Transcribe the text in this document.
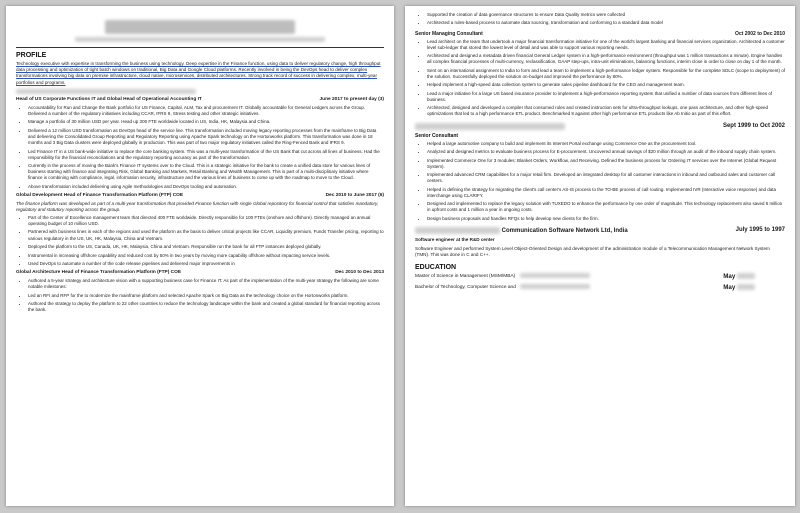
PROFILE
Technology executive with expertise in transforming the business using technology. Deep expertise in the Finance function, using data to deliver regulatory change, high throughput data processing and optimization of tight batch windows on traditional, Big Data and Google Cloud platforms. Recently involved in being the DevOps head to deliver complex transformations involving big data on premise infrastructure, cloud native, microservices, distributed architectures. Strong track record of success in delivering complex, multi-year portfolios and programs.
Head of US Corporate Functions IT and Global Head of Operational Accounting IT	June 2017 to present day (3)
• Accountability for Run and Change the Bank portfolio for US Finance, Capital, ALM, Tax and procurement IT. Globally accountable for General Ledgers across the Group. Delivered a number of the regulatory initiatives including CCAR, IFRS 9, Stress testing and other strategic initiatives.
• Manage a portfolio of 30 million USD per year. Head up 300 FTE worldwide located in US, India, HK, Malaysia and China.
• Delivered a 12 million USD transformation as DevOps head of the service line. This transformation included moving legacy reporting processes from the mainframe to Big Data and delivering the Consolidated Group Reporting and Regulatory Reporting using Apache Spark technology on the Hortonworks platform. This transformation was done in 18 months and 3 Big Data clusters were deployed globally in production. This was part of two major regulatory initiatives called the Ring-Fenced Bank and IFRS 9.
• Led Finance IT in a US bank-wide initiative to replace the core banking system. This was a multi-year transformation of the US Bank that cut across all lines of business. Had the responsibility for the financial reconciliations and the regulatory reporting accuracy as part of the transformation.
• Currently in the process of moving the Bank's Finance IT systems over to the Cloud. This is a strategic initiative for the bank to create a unified data store for various lines of business starting with finance and integrating Risk, Global Banking and Markets, Retail Banking and Wealth Management. This is part of a multi-disciplinary initiative where finance is combining with compliance, legal, information security, infrastructure and the various lines of business to come up with the roadmap to move to the Cloud.
• Above transformation included delivering using Agile methodologies and DevOps tooling and automation.
Global Development Head of Finance Transformation Platform (FTP) COE	Dec 2010 to June 2017 (6)
The finance platform was developed as part of a multi-year transformation that provided Finance function with single Global repository for financial control that satisfies mandatory, regulatory and statutory reporting across the group.
• Part of the Center of Excellence management team that directed 400 FTE worldwide. Directly responsible for 100 FTEs (onshore and offshore). Directly managed an annual operating budget of 10 million USD.
• Partnered with business lines in each of the regions and used the platform as the basis to deliver critical projects like CCAR, Liquidity premium, Funds Transfer pricing, reporting to various regulatory in the US, UK, HK, Malaysia, China and Vietnam.
• Deployed the platform to the US, Canada, UK, HK, Malaysia, China and Vietnam. Responsible run the bank for all FTP instances deployed globally.
• Instrumental in increasing offshore capability and reduced cost by 50% in two years by moving more capability offshore without impacting service levels.
• Used DevOps to automate a number of the code release pipelines and delivered major improvements in
Global Architecture Head of Finance Transformation Platform (FTP) COE	Dec 2010 to Dec 2013
• Authored a 5-year strategy and architecture vision with a supporting business case for Finance IT. As part of the implementation of the multi-year strategy the following are some notable milestones:
• Led an RFI and RFP for the to modernize the mainframe platform and selected Apache Spark on Big Data as the technology choice on the Hortonworks platform.
• Authored the strategy to deploy the platform to 22 other countries to reduce the technology landscape within the bank and created a global standard for financial reporting across the bank.
• Supported the creation of data governance structures to ensure Data Quality metrics were collected
• Architected a rules-based process to automate data sourcing, transformation and conforming to a standard data model
Senior Managing Consultant	Oct 2002 to Dec 2010
• Lead architect on the team that undertook a major financial transformation initiative for one of the world's largest banking and financial services organization. Architected a customer level sub-ledger that stored the lowest level of detail and was able to support various reporting needs.
• Architected and designed a metadata driven financial General Ledger system in a high-performance environment (throughput was 1 million transactions a minute). Engine handles all complex financial processes of multi-currency, reclassification, GAAP step-ups, intra-unit eliminations, balancing functions, interim close in order to close on day 1 of the month.
• Sent on an international assignment to India to form and lead a team to implement a high-performance ledger system. Responsible for the complete SDLC (scope to deployment) of the solution. Successfully deployed the solution on-budget and improved the performance by 80%.
• Helped implement a high-speed data collection system to generate sales pipeline dashboard for the CEO and management team.
• Lead a major initiative for a large US based insurance provider to implement a high-performance reporting system that unified a number of data sources from different lines of business.
• Architected, designed and developed a compiler that consumed rules and created instruction sets for ultra-throughput lookups, one pass architecture, and other high-speed optimizations that led to a high performance ETL product. Benchmarked 8 against other high performance ETL products like Ab Initio as part of this effort.
Sept 1999 to Oct 2002
Senior Consultant
• Helped a large automotive company to build and implement its Internet Portal exchange using Commerce One as the procurement tool.
• Analyzed and designed metrics to evaluate business process for E-procurement. Uncovered annual savings of $20 million through an audit of the inbound supply chain system.
• Implemented Commerce One for 3 modules: Blanket Orders, Workflow, and Receiving. Defined the business process for Ordering IT services over the Internet (Global Request System).
• Implemented advanced CRM capabilities for a major retail firm. Developed an integrated desktop for all customer interactions in inbound and outbound sales and customer call centers.
• Helped in defining the strategy for migrating the client's call center's AS-IS process to the TO-BE process of call routing. Implemented IVR (Interactive voice response) and data interchange using CLARIFY.
• Designed and implemented to replace the legacy solution with TUXEDO to enhance the performance by one order of magnitude. This technology replacement also saved 5 million in upfront costs and 1 million a year in ongoing costs.
• Design business proposals and handles RFQs to help develop new clients for the firm.
Communication Software Network Ltd, India	July 1995 to 1997
Software engineer at the R&D center
Software Engineer and performed System Level Object-Oriented Design and development of the administration module of a Telecommunication Management Network System (TMN). This was done in C and C++.
EDUCATION
Master of Science in Management (MSM/MBA)	May
Bachelor of Technology, Computer Science and	May
